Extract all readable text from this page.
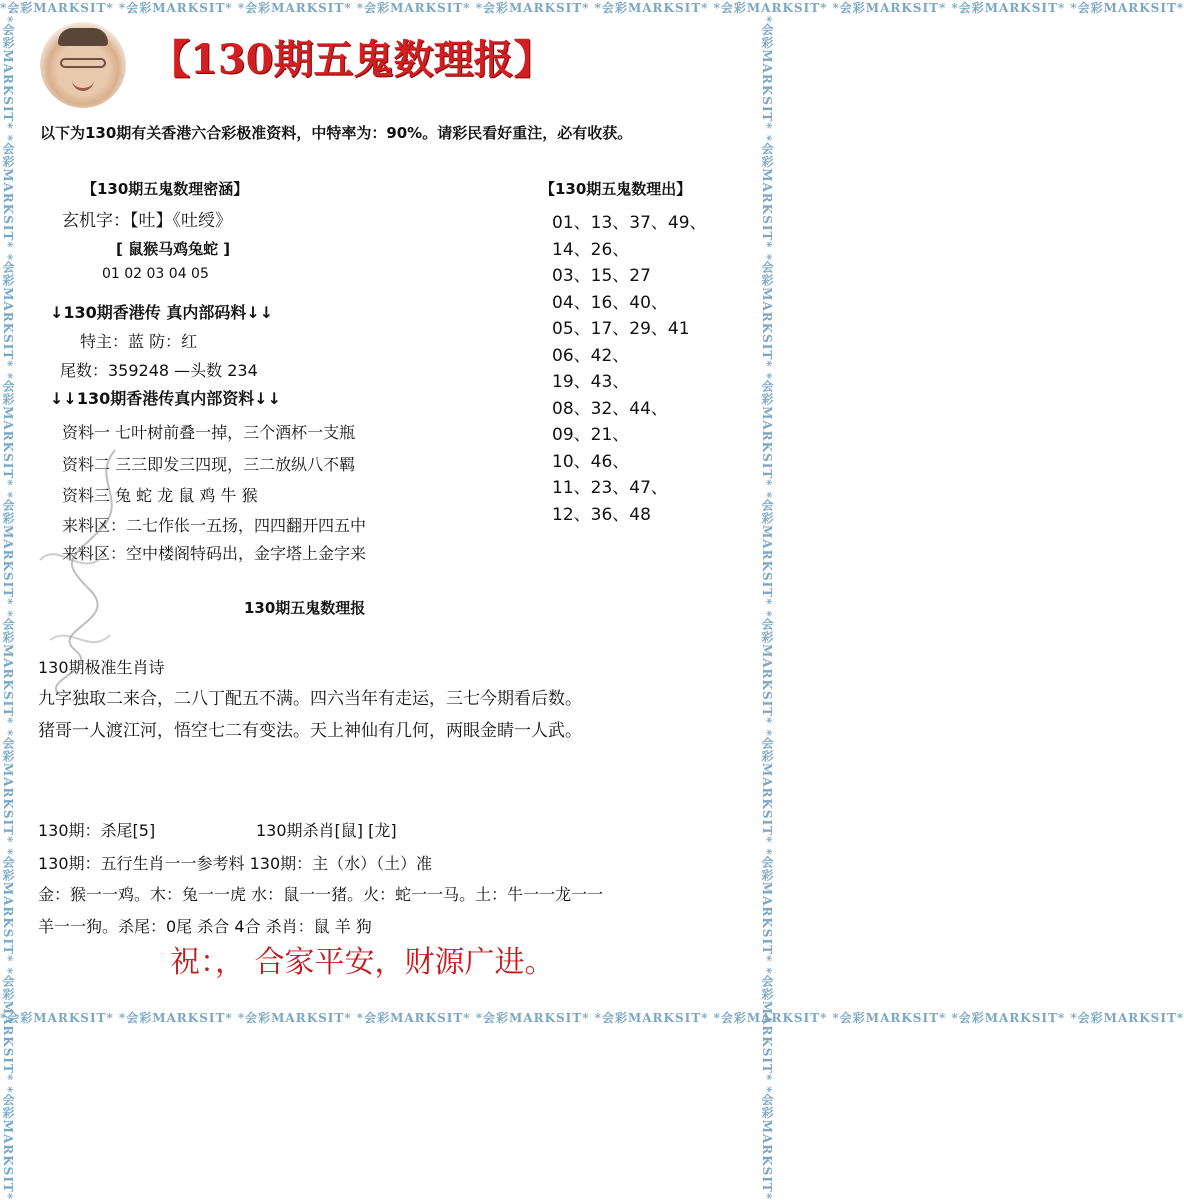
*会彩MARKSIT* *会彩MARKSIT* *会彩MARKSIT* *会彩MARKSIT* *会彩MARKSIT* *会彩MARKSIT* *会彩MARKSIT* *会彩MARKSIT* *会彩MARKSIT* *会彩MARKSIT*
*会彩MARKSIT* *会彩MARKSIT* *会彩MARKSIT* *会彩MARKSIT* *会彩MARKSIT* *会彩MARKSIT* *会彩MARKSIT* *会彩MARKSIT* *会彩MARKSIT* *会彩MARKSIT*
*会彩MARKSIT* *会彩MARKSIT* *会彩MARKSIT* *会彩MARKSIT* *会彩MARKSIT* *会彩MARKSIT* *会彩MARKSIT* *会彩MARKSIT* *会彩MARKSIT* *会彩MARKSIT*	*会彩MARKSIT* *会彩MARKSIT* *会彩MARKSIT* *会彩MARKSIT* *会彩MARKSIT* *会彩MARKSIT* *会彩MARKSIT* *会彩MARKSIT* *会彩MARKSIT* *会彩MARKSIT*
【130期五鬼数理报】
以下为130期有关香港六合彩极准资料，中特率为：90%。请彩民看好重注，必有收获。
【130期五鬼数理密涵】
玄机字：【吐】《吐绶》
[ 鼠猴马鸡兔蛇 ]
01 02 03 04 05
↓130期香港传 真内部码料↓↓
特主：蓝 防：红
尾数：359248 —头数 234
↓↓130期香港传真内部资料↓↓
资料一 七叶树前叠一掉，三个酒杯一支瓶
资料二 三三即发三四现，三二放纵八不羁
资料三 兔 蛇 龙 鼠 鸡 牛 猴
来料区：二七作伥一五扬，四四翻开四五中
来料区：空中楼阁特码出，金字塔上金字来
【130期五鬼数理出】
01、13、37、49、
14、26、
03、15、27
04、16、40、
05、17、29、41
06、42、
19、43、
08、32、44、
09、21、
10、46、
11、23、47、
12、36、48
130期五鬼数理报
130期极准生肖诗
九字独取二来合，二八丁配五不满。四六当年有走运，三七今期看后数。
猪哥一人渡江河，悟空七二有变法。天上神仙有几何，两眼金睛一人武。
130期：杀尾[5]	130期杀肖[鼠] [龙]
130期：五行生肖一一参考料 130期：主（水）（土）准
金：猴一一鸡。木：兔一一虎 水：鼠一一猪。火：蛇一一马。土：牛一一龙一一
羊一一狗。杀尾：0尾 杀合 4合 杀肖：鼠 羊 狗
祝：， 合家平安，财源广进。
